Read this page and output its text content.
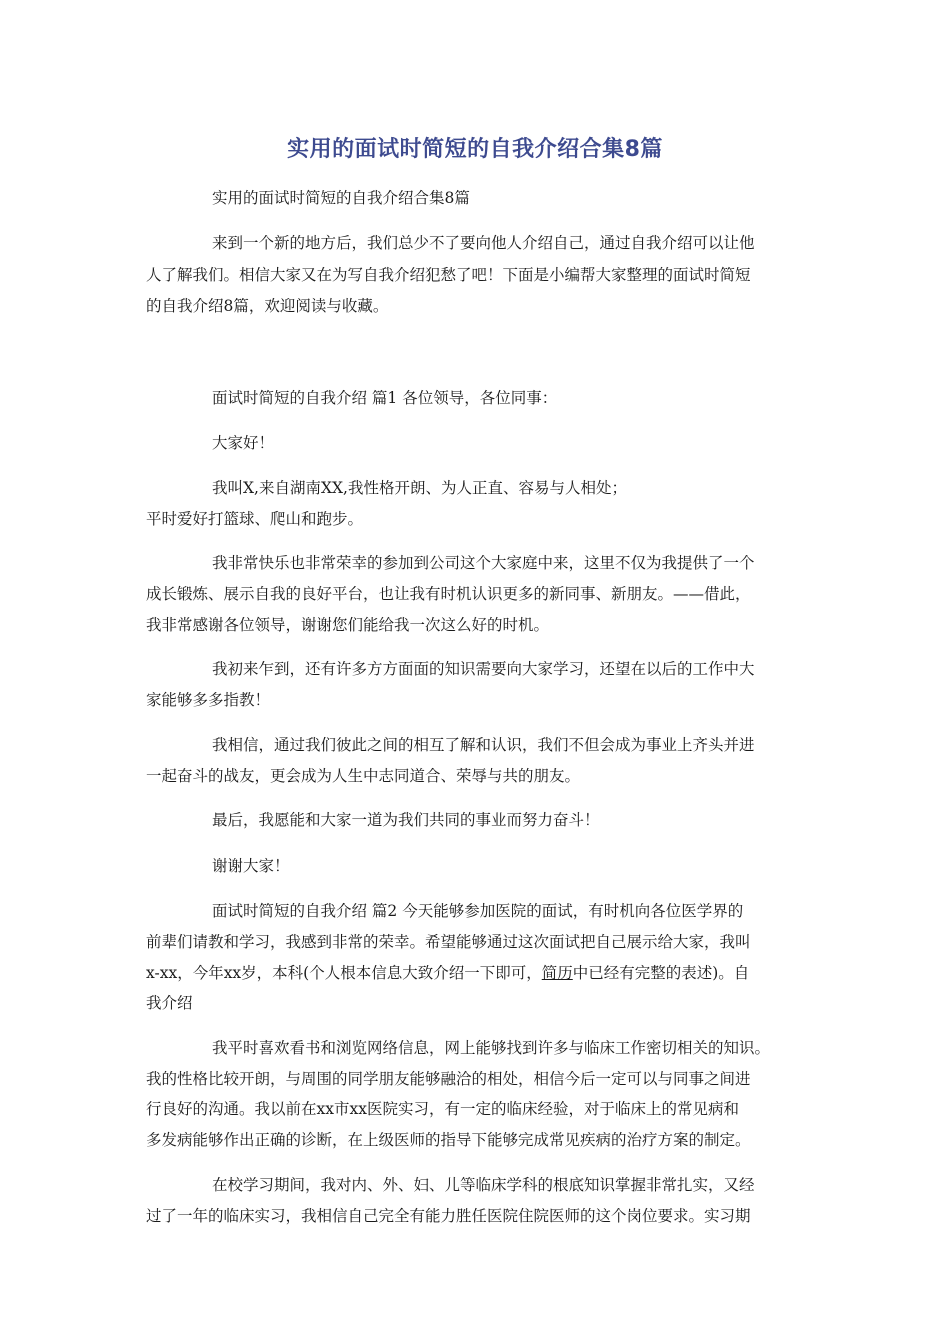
实用的面试时简短的自我介绍合集8篇
实用的面试时简短的自我介绍合集8篇
来到一个新的地方后，我们总少不了要向他人介绍自己，通过自我介绍可以让他
人了解我们。相信大家又在为写自我介绍犯愁了吧！下面是小编帮大家整理的面试时简短
的自我介绍8篇，欢迎阅读与收藏。
面试时简短的自我介绍 篇1 各位领导，各位同事：
大家好！
我叫X,来自湖南XX,我性格开朗、为人正直、容易与人相处；
平时爱好打篮球、爬山和跑步。
我非常快乐也非常荣幸的参加到公司这个大家庭中来，这里不仅为我提供了一个
成长锻炼、展示自我的良好平台，也让我有时机认识更多的新同事、新朋友。——借此，
我非常感谢各位领导，谢谢您们能给我一次这么好的时机。
我初来乍到，还有许多方方面面的知识需要向大家学习，还望在以后的工作中大
家能够多多指教！
我相信，通过我们彼此之间的相互了解和认识，我们不但会成为事业上齐头并进
一起奋斗的战友，更会成为人生中志同道合、荣辱与共的朋友。
最后，我愿能和大家一道为我们共同的事业而努力奋斗！
谢谢大家！
面试时简短的自我介绍 篇2 今天能够参加医院的面试，有时机向各位医学界的
前辈们请教和学习，我感到非常的荣幸。希望能够通过这次面试把自己展示给大家，我叫
x-xx，今年xx岁，本科(个人根本信息大致介绍一下即可，简历中已经有完整的表述)。自
我介绍
我平时喜欢看书和浏览网络信息，网上能够找到许多与临床工作密切相关的知识。
我的性格比较开朗，与周围的同学朋友能够融洽的相处，相信今后一定可以与同事之间进
行良好的沟通。我以前在xx市xx医院实习，有一定的临床经验，对于临床上的常见病和
多发病能够作出正确的诊断，在上级医师的指导下能够完成常见疾病的治疗方案的制定。
在校学习期间，我对内、外、妇、儿等临床学科的根底知识掌握非常扎实，又经
过了一年的临床实习，我相信自己完全有能力胜任医院住院医师的这个岗位要求。实习期
